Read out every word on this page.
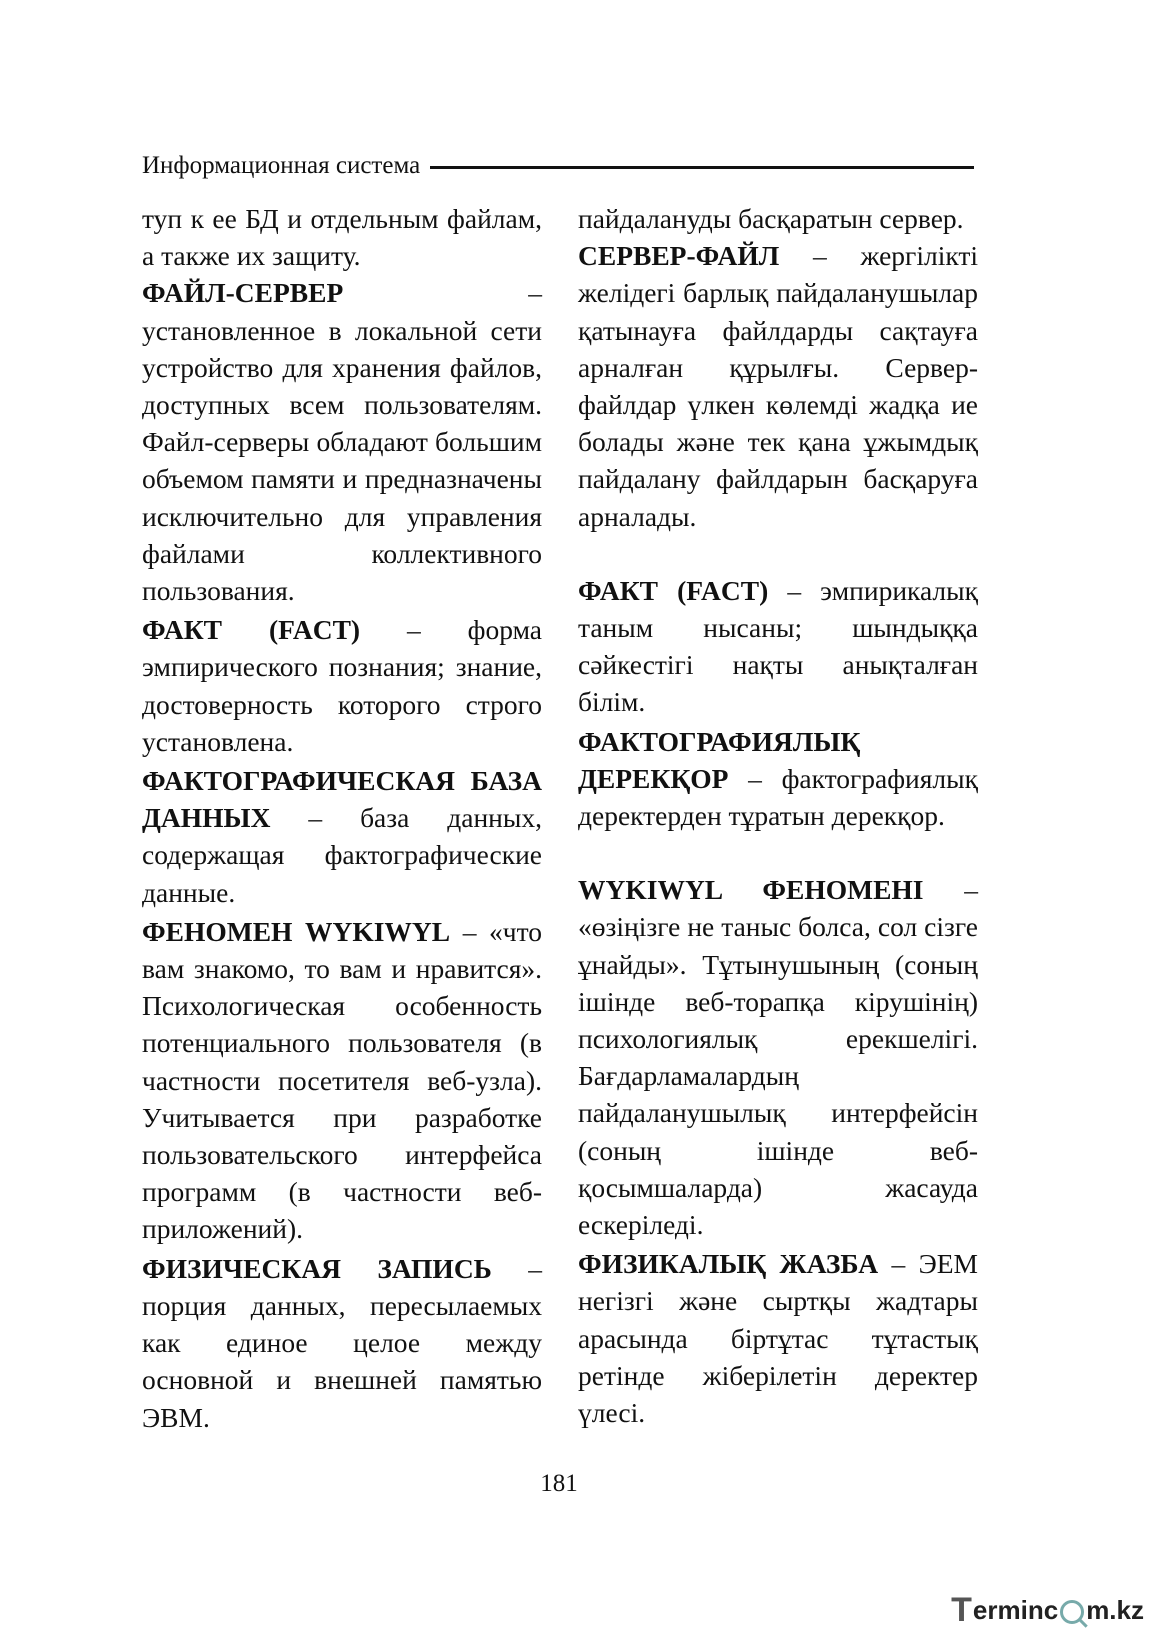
Информационная система

туп к ее БД и отдельным файлам, а также их защиту.

ФАЙЛ-СЕРВЕР – установленное в локальной сети устройство для хранения файлов, доступных всем пользователям. Файл-серверы обладают большим объемом памяти и предназначены исключительно для управления файлами коллективного пользования.

ФАКТ (FACT) – форма эмпирического познания; знание, достоверность которого строго установлена.

ФАКТОГРАФИЧЕСКАЯ БАЗА ДАННЫХ – база данных, содержащая фактографические данные.

ФЕНОМЕН WYKIWYL – «что вам знакомо, то вам и нравится». Психологическая особенность потенциального пользователя (в частности посетителя веб-узла). Учитывается при разработке пользовательского интерфейса программ (в частности веб-приложений).

ФИЗИЧЕСКАЯ ЗАПИСЬ – порция данных, пересылаемых как единое целое между основной и внешней памятью ЭВМ.

пайдалануды басқаратын сервер.

СЕРВЕР-ФАЙЛ – жергілікті желідегі барлық пайдаланушылар қатынауға файлдарды сақтауға арналған құрылғы. Сервер-файлдар үлкен көлемді жадқа ие болады және тек қана ұжымдық пайдалану файлдарын басқаруға арналады.

ФАКТ (FACT) – эмпирикалық таным нысаны; шындыққа сәйкестігі нақты анықталған білім.

ФАКТОГРАФИЯЛЫҚ ДЕРЕКҚОР – фактографиялық деректерден тұратын дерекқор.

WYKIWYL ФЕНОМЕНІ – «өзіңізге не таныс болса, сол сізге ұнайды». Тұтынушының (соның ішінде веб-торапқа кірушінің) психологиялық ерекшелігі. Бағдарламалардың пайдаланушылық интерфейсін (соның ішінде веб-қосымшаларда) жасауда ескеріледі.

ФИЗИКАЛЫҚ ЖАЗБА – ЭЕМ негізгі және сыртқы жадтары арасында біртұтас тұтастық ретінде жіберілетін деректер үлесі.

181
T erminc m.kz
